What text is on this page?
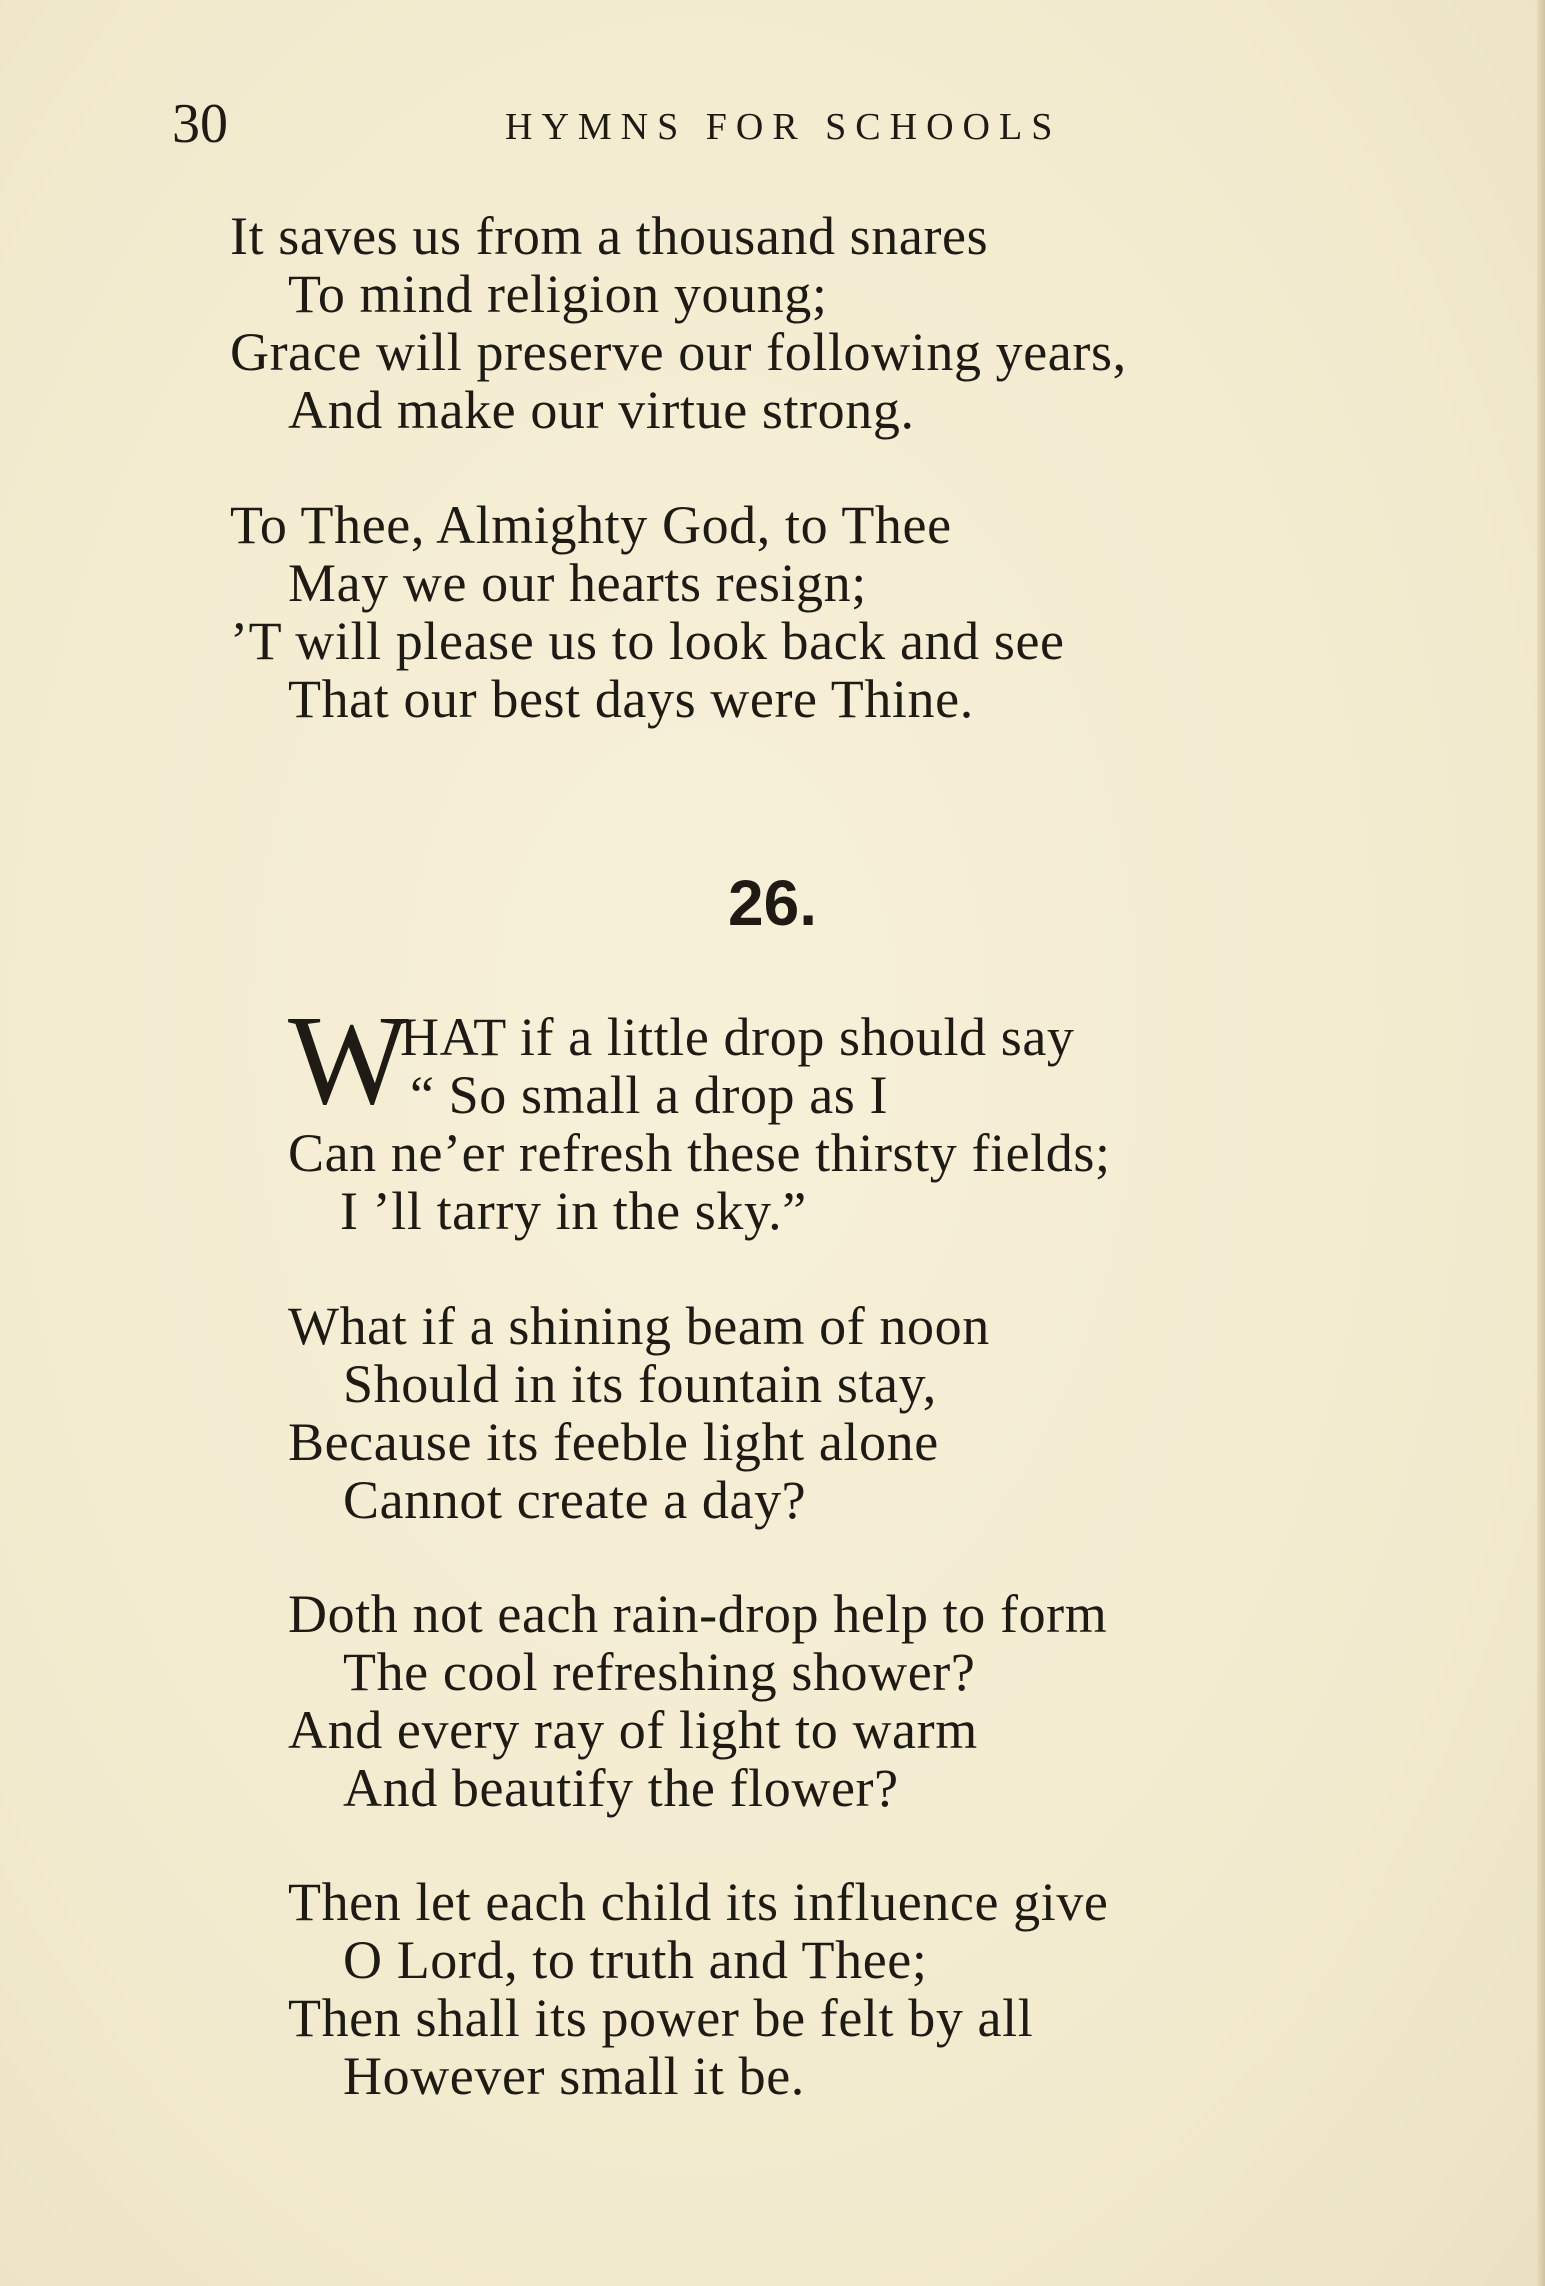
30	HYMNS FOR SCHOOLS
It saves us from a thousand snares
To mind religion young;
Grace will preserve our following years,
And make our virtue strong.
To Thee, Almighty God, to Thee
May we our hearts resign;
’T will please us to look back and see
That our best days were Thine.
26.
W
HAT if a little drop should say
“ So small a drop as I
Can ne’er refresh these thirsty fields;
I ’ll tarry in the sky.”
What if a shining beam of noon
Should in its fountain stay,
Because its feeble light alone
Cannot create a day?
Doth not each rain-drop help to form
The cool refreshing shower?
And every ray of light to warm
And beautify the flower?
Then let each child its influence give
O Lord, to truth and Thee;
Then shall its power be felt by all
However small it be.
